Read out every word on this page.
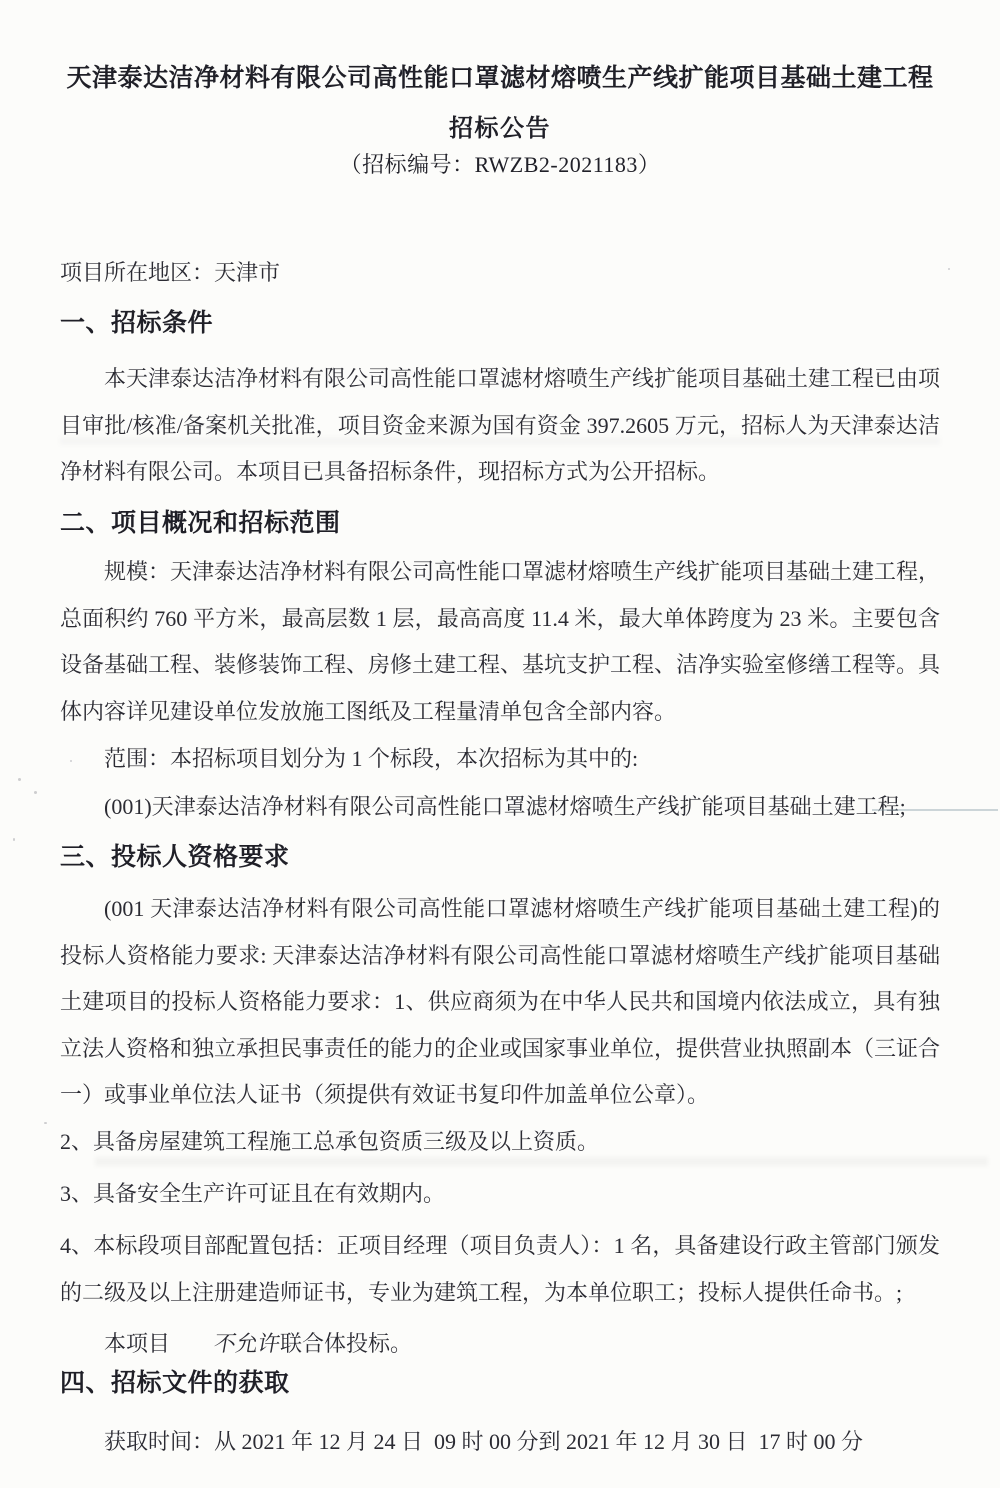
天津泰达洁净材料有限公司高性能口罩滤材熔喷生产线扩能项目基础土建工程
招标公告
（招标编号：RWZB2-2021183）
项目所在地区：天津市
一、招标条件
本天津泰达洁净材料有限公司高性能口罩滤材熔喷生产线扩能项目基础土建工程已由项目审批/核准/备案机关批准，项目资金来源为国有资金 397.2605 万元，招标人为天津泰达洁净材料有限公司。本项目已具备招标条件，现招标方式为公开招标。
二、项目概况和招标范围
规模：天津泰达洁净材料有限公司高性能口罩滤材熔喷生产线扩能项目基础土建工程，总面积约 760 平方米，最高层数 1 层，最高高度 11.4 米，最大单体跨度为 23 米。主要包含设备基础工程、装修装饰工程、房修土建工程、基坑支护工程、洁净实验室修缮工程等。具体内容详见建设单位发放施工图纸及工程量清单包含全部内容。
范围：本招标项目划分为 1 个标段，本次招标为其中的:
(001)天津泰达洁净材料有限公司高性能口罩滤材熔喷生产线扩能项目基础土建工程;
三、投标人资格要求
(001 天津泰达洁净材料有限公司高性能口罩滤材熔喷生产线扩能项目基础土建工程)的投标人资格能力要求: 天津泰达洁净材料有限公司高性能口罩滤材熔喷生产线扩能项目基础土建项目的投标人资格能力要求：1、供应商须为在中华人民共和国境内依法成立，具有独立法人资格和独立承担民事责任的能力的企业或国家事业单位，提供营业执照副本（三证合一）或事业单位法人证书（须提供有效证书复印件加盖单位公章）。
2、具备房屋建筑工程施工总承包资质三级及以上资质。
3、具备安全生产许可证且在有效期内。
4、本标段项目部配置包括：正项目经理（项目负责人）：1 名，具备建设行政主管部门颁发的二级及以上注册建造师证书，专业为建筑工程，为本单位职工；投标人提供任命书。;
本项目 不允许联合体投标。
四、招标文件的获取
获取时间：从 2021 年 12 月 24 日  09 时 00 分到 2021 年 12 月 30 日  17 时 00 分
